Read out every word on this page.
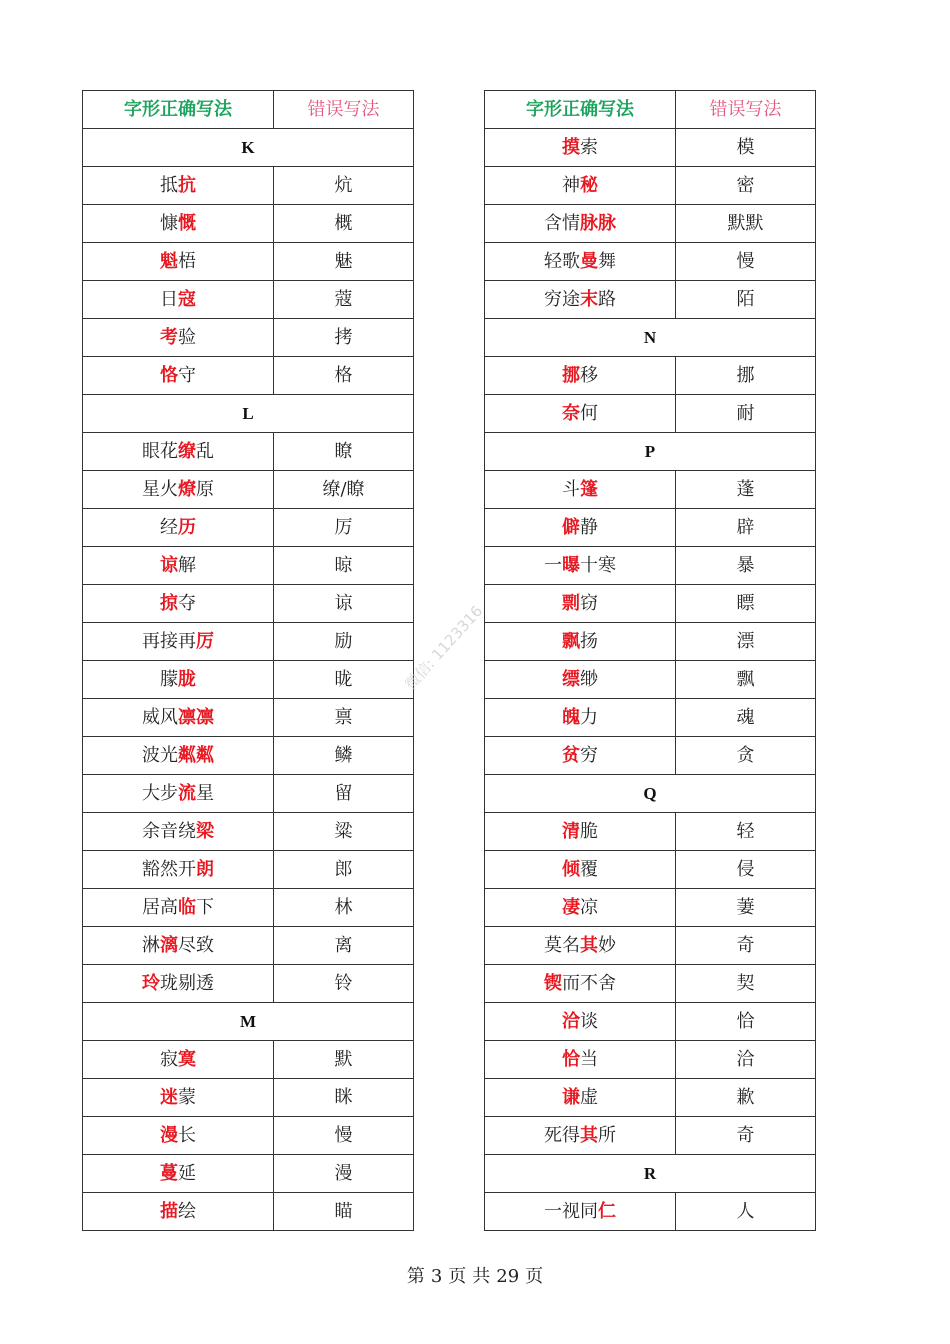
字形正确写法	错误写法
K	
抵抗	炕
慷慨	概
魁梧	魅
日寇	蔻
考验	拷
恪守	格
L	
眼花缭乱	瞭
星火燎原	缭/瞭
经历	厉
谅解	晾
掠夺	谅
再接再厉	励
朦胧	昽
威风凛凛	禀
波光粼粼	鳞
大步流星	留
余音绕梁	粱
豁然开朗	郎
居高临下	林
淋漓尽致	离
玲珑剔透	铃
M	
寂寞	默
迷蒙	眯
漫长	慢
蔓延	漫
描绘	瞄
字形正确写法	错误写法
摸索	模
神秘	密
含情脉脉	默默
轻歌曼舞	慢
穷途末路	陌
N	
挪移	挪
奈何	耐
P	
斗篷	蓬
僻静	辟
一曝十寒	暴
剽窃	瞟
飘扬	漂
缥缈	飘
魄力	魂
贫穷	贪
Q	
清脆	轻
倾覆	侵
凄凉	萋
莫名其妙	奇
锲而不舍	契
洽谈	恰
恰当	洽
谦虚	歉
死得其所	奇
R	
一视同仁	人
微信: 1123316
第 3 页 共 29 页
